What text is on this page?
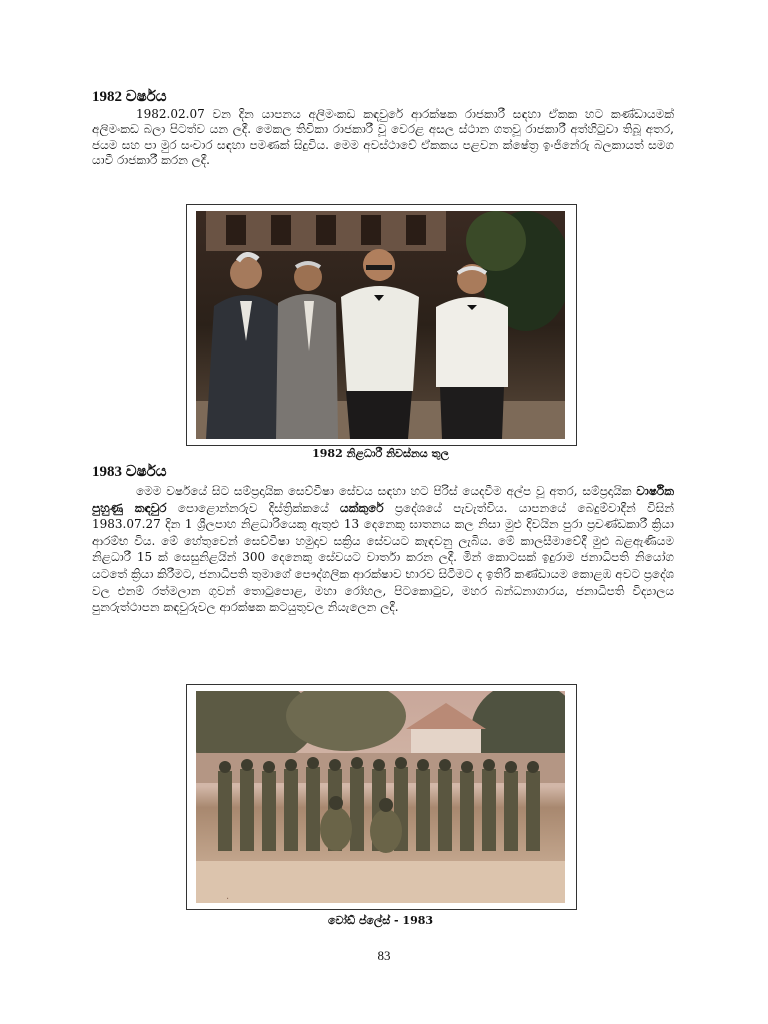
1982 වර්ෂය

1982.02.07 වන දින යාපනය අලිමංකඩ කඳවුරේ ආරක්ෂක රාජකාරී සඳහා ඒකක හට කණ්ඩායමක් අලිමංකඩ බලා පිටත්ව යන ලදී. මෙකල තිවිකා රාජකාරී වූ වෙරළ අසල ස්ථාන ගතවූ රාජකාරී අත්හිටුවා තිබූ අතර, ජයම සහ පා මුර සංචාර සඳහා පමණක් සිදුවිය. මෙම අවස්ථාවේ ඒකකය පළවන ක්ෂේත්‍ර ඉංජිනේරු බලකායත් සමග යාවී රාජකාරී කරන ලදී.

1982 නිළධාරී නිවස්නය තුල

1983 වර්ෂය

මෙම වර්ෂයේ සිට සම්ප්‍රදායික සෙව්වීෂා සේවය සඳහා හට පිරිස් යෙදවීම අල්ප වූ අතර, සම්ප්‍රදායික වාර්ෂික පුහුණු කඳවුර පොළොන්නරුව දිස්ත්‍රික්කයේ යක්කුරේ ප්‍රදේශයේ පැවැත්විය. යාපනයේ බෙදුම්වාදීන් විසින් 1983.07.27 දින 1 ශ්‍රීලපාහ නිළධාරියෙකු ඇතුළු 13 දෙනෙකු ඝාතනය කල නිසා මුළු දිවයින පුරා ප්‍රචණ්ඩකාරී ක්‍රියා ආරම්භ විය. මේ හේතුවෙන් සෙව්වීෂා හමුදාව සක්‍රිය සේවයට කැඳවනු ලැබිය. මේ කාලසීමාවේදී මුළු බළඇණියම නිළධාරී 15 ක් සෙසුනිළයින් 300 දෙනෙකු සේවයට වාර්තා කරන ලදී. මින් කොටසක් ඉදුරාම ජනාධිපති නියෝග යටතේ ක්‍රියා කිරීමට, ජනාධිපති තුමාගේ පෞද්ගලික ආරක්ෂාව භාරව සිටීමට ද ඉතිරි කණ්ඩායම කොළඹ අවට ප්‍රදේශ වල එනම් රත්මලාන ගුවන් තොටුපොළ, මහා රෝහල, පිටකොටුව, මහර බන්ධනාගාරය, ජනාධිපති විද්‍යාලය පුනරුත්ථාපන කඳවුරුවල ආරක්ෂක කටයුතුවල නියැලෙන ලදී.

.

වෝඩ් ප්ලේස් - 1983

83
